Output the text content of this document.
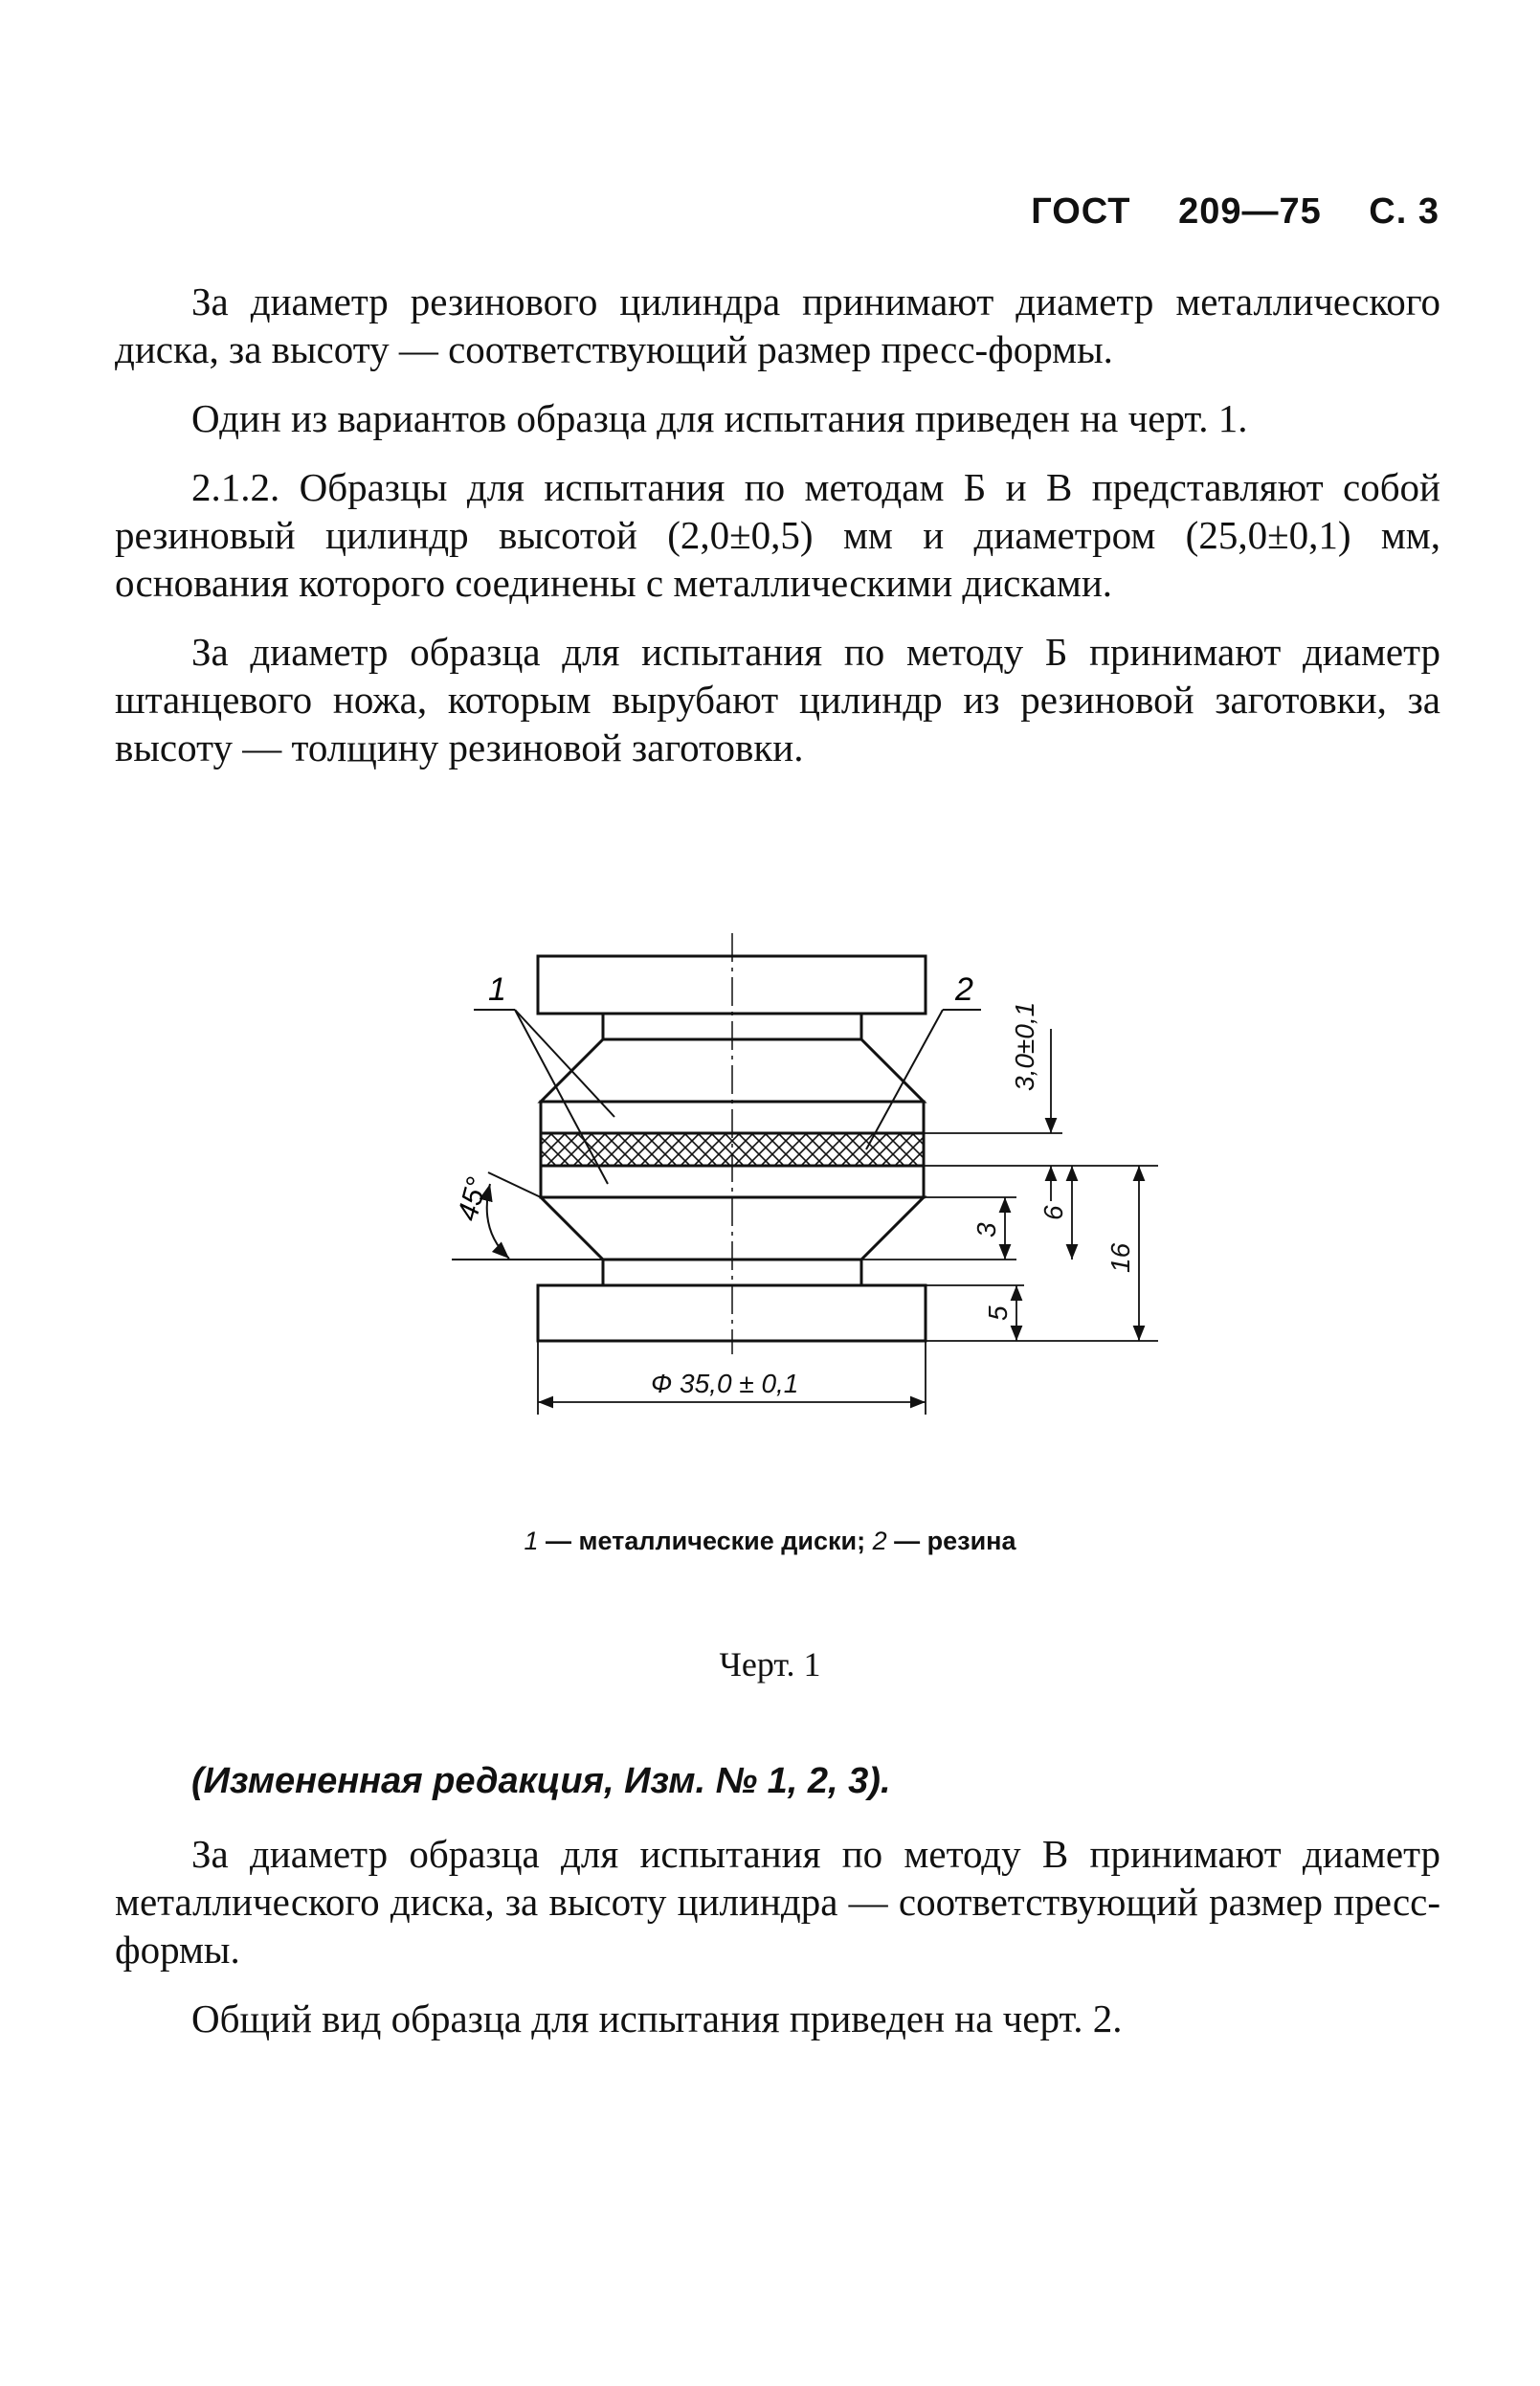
ГОСТ 209—75 С. 3

За диаметр резинового цилиндра принимают диаметр металлического диска, за высоту — соответствующий размер пресс-формы.

Один из вариантов образца для испытания приведен на черт. 1.

2.1.2. Образцы для испытания по методам Б и В представляют собой резиновый цилиндр высотой (2,0±0,5) мм и диаметром (25,0±0,1) мм, основания которого соединены с металлическими дисками.

За диаметр образца для испытания по методу Б принимают диаметр штанцевого ножа, которым вырубают цилиндр из резиновой заготовки, за высоту — толщину резиновой заготовки.

45°
1	2
3,0±0,1
6
16
3
5
Ф 35,0 ± 0,1
1 — металлические диски; 2 — резина
Черт. 1
(Измененная редакция, Изм. № 1, 2, 3).

За диаметр образца для испытания по методу В принимают диаметр металлического диска, за высоту цилиндра — соответствующий размер пресс-формы.

Общий вид образца для испытания приведен на черт. 2.
